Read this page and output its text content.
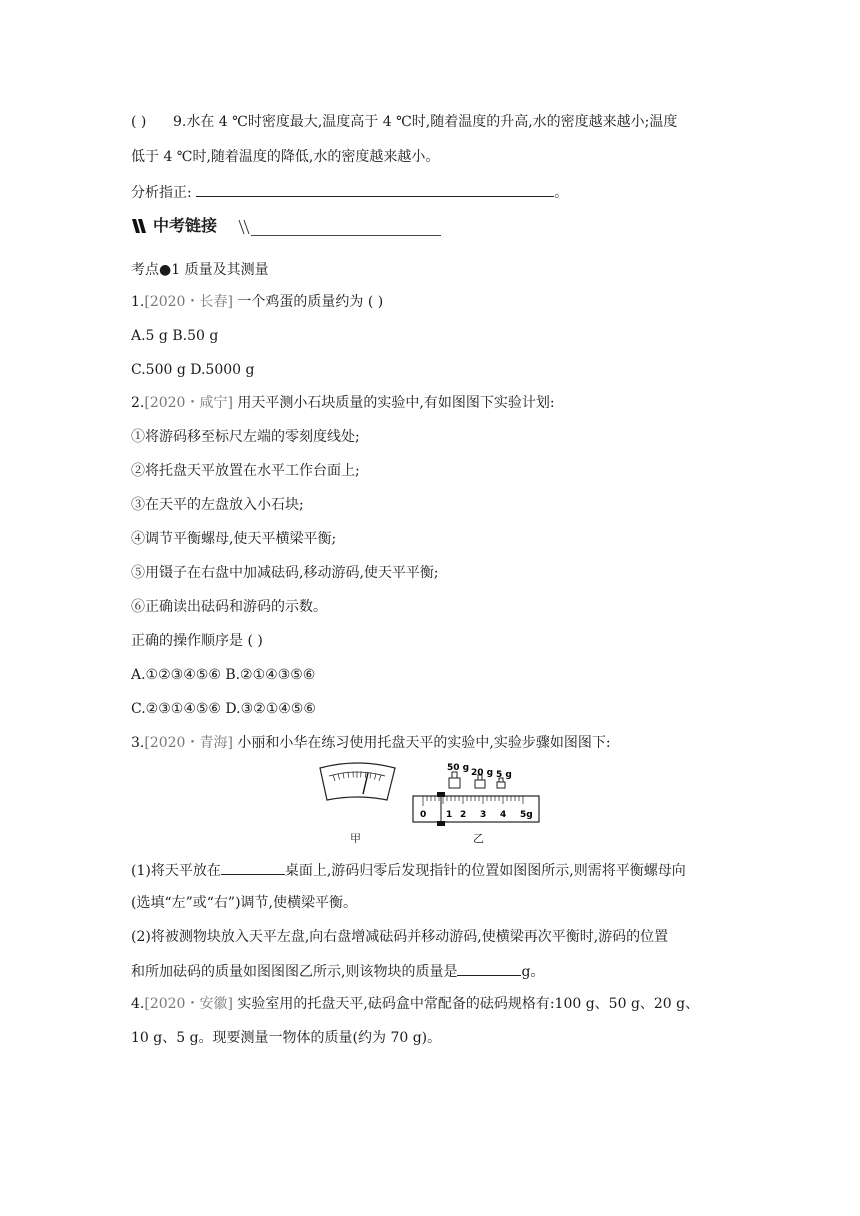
( ) 9.水在 4 ℃时密度最大,温度高于 4 ℃时,随着温度的升高,水的密度越来越小;温度
低于 4 ℃时,随着温度的降低,水的密度越来越小。
分析指正:	。
中考链接
考点●1 质量及其测量
1.[2020・长春] 一个鸡蛋的质量约为 ( )
A.5 g B.50 g
C.500 g D.5000 g
2.[2020・咸宁] 用天平测小石块质量的实验中,有如图图下实验计划:
①将游码移至标尺左端的零刻度线处;
②将托盘天平放置在水平工作台面上;
③在天平的左盘放入小石块;
④调节平衡螺母,使天平横梁平衡;
⑤用镊子在右盘中加减砝码,移动游码,使天平平衡;
⑥正确读出砝码和游码的示数。
正确的操作顺序是 ( )
A.①②③④⑤⑥ B.②①④③⑤⑥
C.②③①④⑤⑥ D.③②①④⑤⑥
3.[2020・青海] 小丽和小华在练习使用托盘天平的实验中,实验步骤如图图下:
50 g 20 g 5 g
0 1 2 3 4 5g
甲	乙
(1)将天平放在	桌面上,游码归零后发现指针的位置如图图所示,则需将平衡螺母向
(选填“左”或“右”)调节,使横梁平衡。
(2)将被测物块放入天平左盘,向右盘增减砝码并移动游码,使横梁再次平衡时,游码的位置
和所加砝码的质量如图图图乙所示,则该物块的质量是	g。
4.[2020・安徽] 实验室用的托盘天平,砝码盒中常配备的砝码规格有:100 g、50 g、20 g、
10 g、5 g。现要测量一物体的质量(约为 70 g)。
